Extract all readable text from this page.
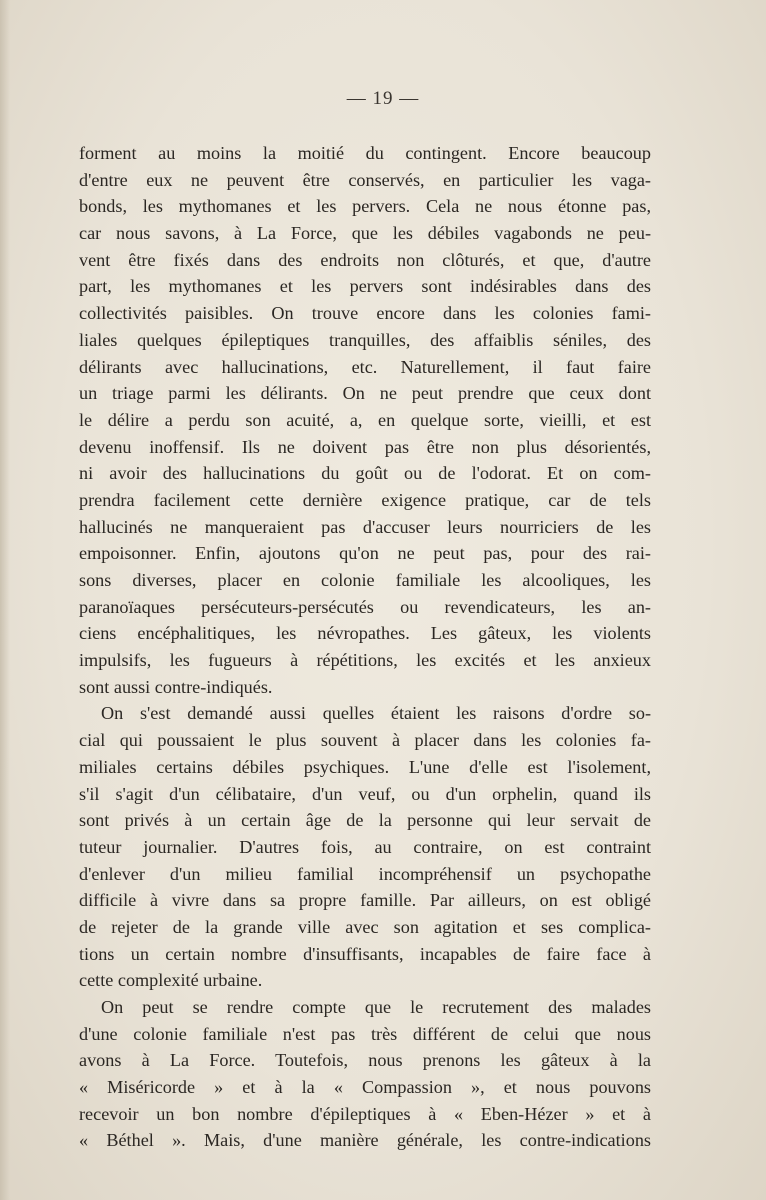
— 19 —
forment au moins la moitié du contingent. Encore beaucoup
d'entre eux ne peuvent être conservés, en particulier les vaga-
bonds, les mythomanes et les pervers. Cela ne nous étonne pas,
car nous savons, à La Force, que les débiles vagabonds ne peu-
vent être fixés dans des endroits non clôturés, et que, d'autre
part, les mythomanes et les pervers sont indésirables dans des
collectivités paisibles. On trouve encore dans les colonies fami-
liales quelques épileptiques tranquilles, des affaiblis séniles, des
délirants avec hallucinations, etc. Naturellement, il faut faire
un triage parmi les délirants. On ne peut prendre que ceux dont
le délire a perdu son acuité, a, en quelque sorte, vieilli, et est
devenu inoffensif. Ils ne doivent pas être non plus désorientés,
ni avoir des hallucinations du goût ou de l'odorat. Et on com-
prendra facilement cette dernière exigence pratique, car de tels
hallucinés ne manqueraient pas d'accuser leurs nourriciers de les
empoisonner. Enfin, ajoutons qu'on ne peut pas, pour des rai-
sons diverses, placer en colonie familiale les alcooliques, les
paranoïaques persécuteurs-persécutés ou revendicateurs, les an-
ciens encéphalitiques, les névropathes. Les gâteux, les violents
impulsifs, les fugueurs à répétitions, les excités et les anxieux
sont aussi contre-indiqués.
On s'est demandé aussi quelles étaient les raisons d'ordre so-
cial qui poussaient le plus souvent à placer dans les colonies fa-
miliales certains débiles psychiques. L'une d'elle est l'isolement,
s'il s'agit d'un célibataire, d'un veuf, ou d'un orphelin, quand ils
sont privés à un certain âge de la personne qui leur servait de
tuteur journalier. D'autres fois, au contraire, on est contraint
d'enlever d'un milieu familial incompréhensif un psychopathe
difficile à vivre dans sa propre famille. Par ailleurs, on est obligé
de rejeter de la grande ville avec son agitation et ses complica-
tions un certain nombre d'insuffisants, incapables de faire face à
cette complexité urbaine.
On peut se rendre compte que le recrutement des malades
d'une colonie familiale n'est pas très différent de celui que nous
avons à La Force. Toutefois, nous prenons les gâteux à la
« Miséricorde » et à la « Compassion », et nous pouvons
recevoir un bon nombre d'épileptiques à « Eben-Hézer » et à
« Béthel ». Mais, d'une manière générale, les contre-indications
